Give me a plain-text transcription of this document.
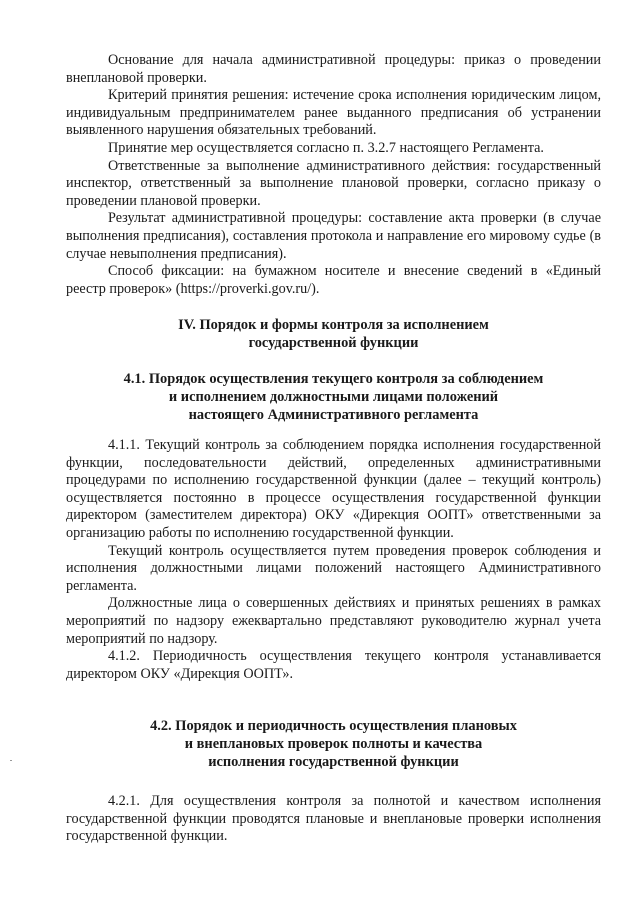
Основание для начала административной процедуры: приказ о проведении внеплановой проверки.

Критерий принятия решения: истечение срока исполнения юридическим лицом, индивидуальным предпринимателем ранее выданного предписания об устранении выявленного нарушения обязательных требований.

Принятие мер осуществляется согласно п. 3.2.7 настоящего Регламента.

Ответственные за выполнение административного действия: государственный инспектор, ответственный за выполнение плановой проверки, согласно приказу о проведении плановой проверки.

Результат административной процедуры: составление акта проверки (в случае выполнения предписания), составления протокола и направление его мировому судье (в случае невыполнения предписания).

Способ фиксации: на бумажном носителе и внесение сведений в «Единый реестр проверок» (https://proverki.gov.ru/).

IV. Порядок и формы контроля за исполнением
государственной функции
4.1. Порядок осуществления текущего контроля за соблюдением
и исполнением должностными лицами положений
настоящего Административного регламента

4.1.1. Текущий контроль за соблюдением порядка исполнения государственной функции, последовательности действий, определенных административными процедурами по исполнению государственной функции (далее – текущий контроль) осуществляется постоянно в процессе осуществления государственной функции директором (заместителем директора) ОКУ «Дирекция ООПТ» ответственными за организацию работы по исполнению государственной функции.

Текущий контроль осуществляется путем проведения проверок соблюдения и исполнения должностными лицами положений настоящего Административного регламента.

Должностные лица о совершенных действиях и принятых решениях в рамках мероприятий по надзору ежеквартально представляют руководителю журнал учета мероприятий по надзору.

4.1.2. Периодичность осуществления текущего контроля устанавливается директором ОКУ «Дирекция ООПТ».

4.2. Порядок и периодичность осуществления плановых
и внеплановых проверок полноты и качества
исполнения государственной функции

4.2.1. Для осуществления контроля за полнотой и качеством исполнения государственной функции проводятся плановые и внеплановые проверки исполнения государственной функции.
